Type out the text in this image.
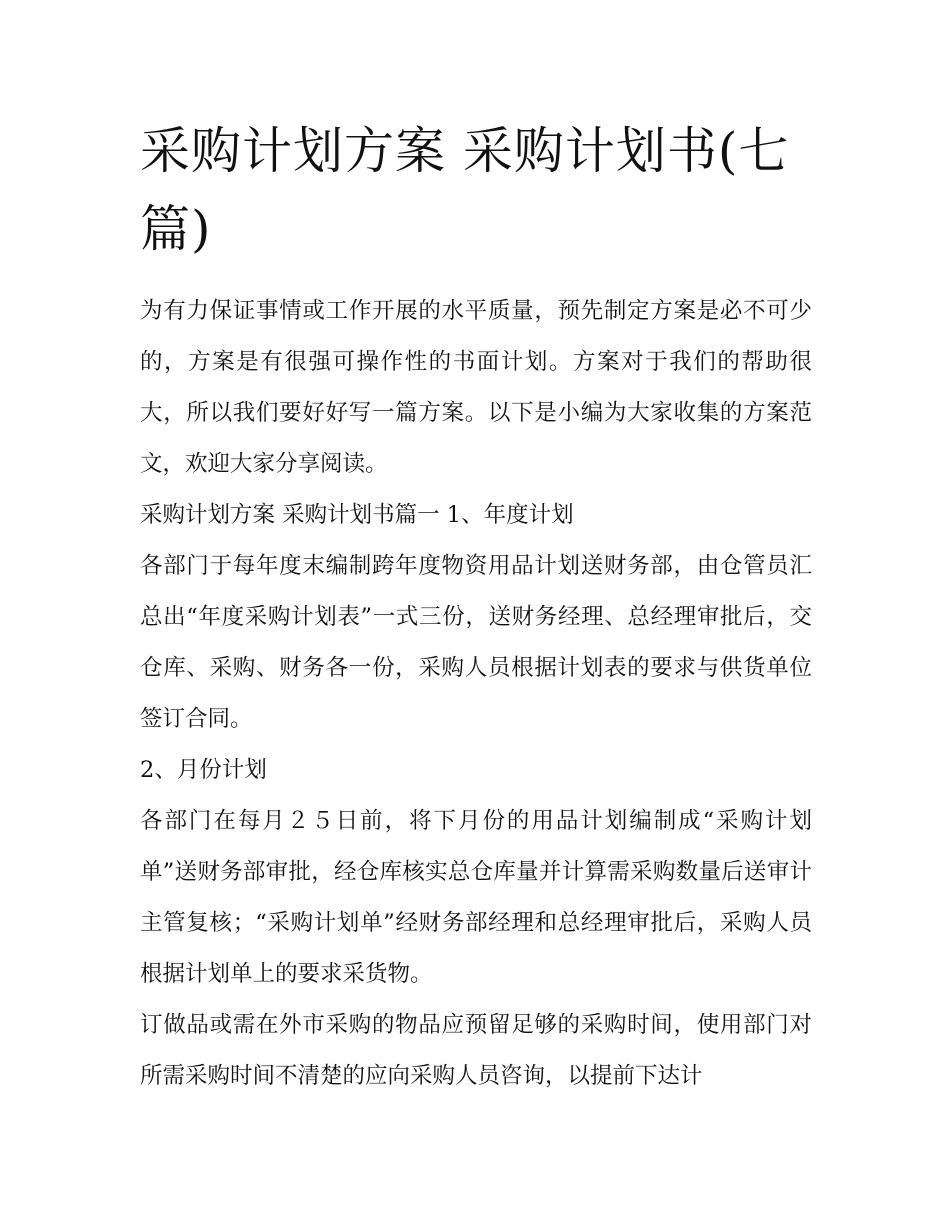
采购计划方案 采购计划书(七篇)

为有力保证事情或工作开展的水平质量，预先制定方案是必不可少的，方案是有很强可操作性的书面计划。方案对于我们的帮助很大，所以我们要好好写一篇方案。以下是小编为大家收集的方案范文，欢迎大家分享阅读。

采购计划方案 采购计划书篇一 1、年度计划

各部门于每年度末编制跨年度物资用品计划送财务部，由仓管员汇总出“年度采购计划表”一式三份，送财务经理、总经理审批后，交仓库、采购、财务各一份，采购人员根据计划表的要求与供货单位签订合同。

2、月份计划

各部门在每月２５日前，将下月份的用品计划编制成“采购计划单”送财务部审批，经仓库核实总仓库量并计算需采购数量后送审计主管复核；“采购计划单”经财务部经理和总经理审批后，采购人员根据计划单上的要求采货物。

订做品或需在外市采购的物品应预留足够的采购时间，使用部门对所需采购时间不清楚的应向采购人员咨询，以提前下达计
